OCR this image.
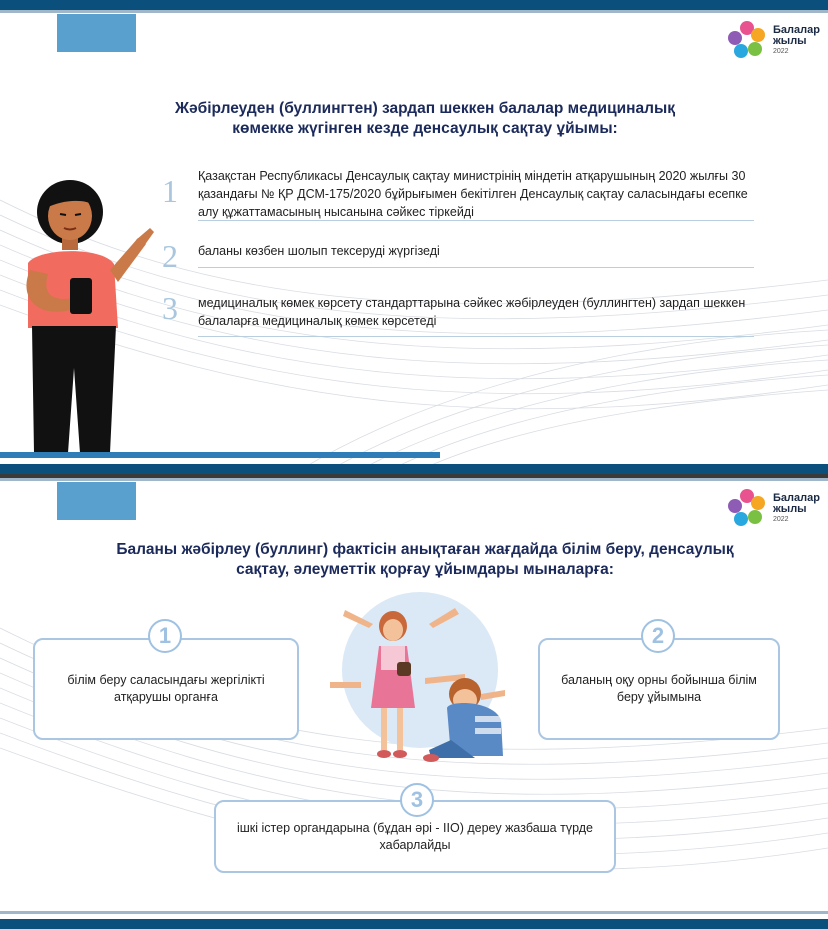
Балалар
жылы
2022
Жәбірлеуден (буллингтен) зардап шеккен балалар медициналық
көмекке жүгінген кезде денсаулық сақтау ұйымы:
1 Қазақстан Республикасы Денсаулық сақтау министрінің міндетін атқарушының 2020 жылғы 30 қазандағы № ҚР ДСМ-175/2020 бұйрығымен бекітілген Денсаулық сақтау саласындағы есепке алу құжаттамасының нысанына сәйкес тіркейді
2 баланы көзбен шолып тексеруді жүргізеді
3 медициналық көмек көрсету стандарттарына сәйкес жәбірлеуден (буллингтен) зардап шеккен балаларға медициналық көмек көрсетеді
Балалар
жылы
2022
Баланы жәбірлеу (буллинг) фактісін анықтаған жағдайда білім беру, денсаулық
сақтау, әлеуметтік қорғау ұйымдары мыналарға:
білім беру саласындағы жергілікті атқарушы органға
1
баланың оқу орны бойынша білім беру ұйымына
2
ішкі істер органдарына (бұдан әрі - ІІО) дереу жазбаша түрде хабарлайды
3
